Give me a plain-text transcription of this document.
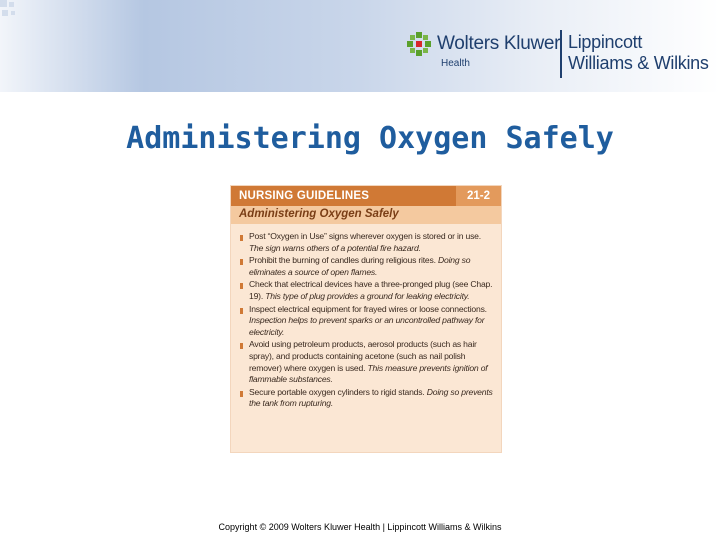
Wolters Kluwer
Health
Lippincott
Williams & Wilkins
Administering Oxygen Safely
NURSING GUIDELINES	21-2
Administering Oxygen Safely
Post “Oxygen in Use” signs wherever oxygen is stored or in use. The sign warns others of a potential fire hazard.
Prohibit the burning of candles during religious rites. Doing so eliminates a source of open flames.
Check that electrical devices have a three-pronged plug (see Chap. 19). This type of plug provides a ground for leaking electricity.
Inspect electrical equipment for frayed wires or loose connections. Inspection helps to prevent sparks or an uncontrolled pathway for electricity.
Avoid using petroleum products, aerosol products (such as hair spray), and products containing acetone (such as nail polish remover) where oxygen is used. This measure prevents ignition of flammable substances.
Secure portable oxygen cylinders to rigid stands. Doing so prevents the tank from rupturing.
Copyright © 2009 Wolters Kluwer Health | Lippincott Williams & Wilkins
